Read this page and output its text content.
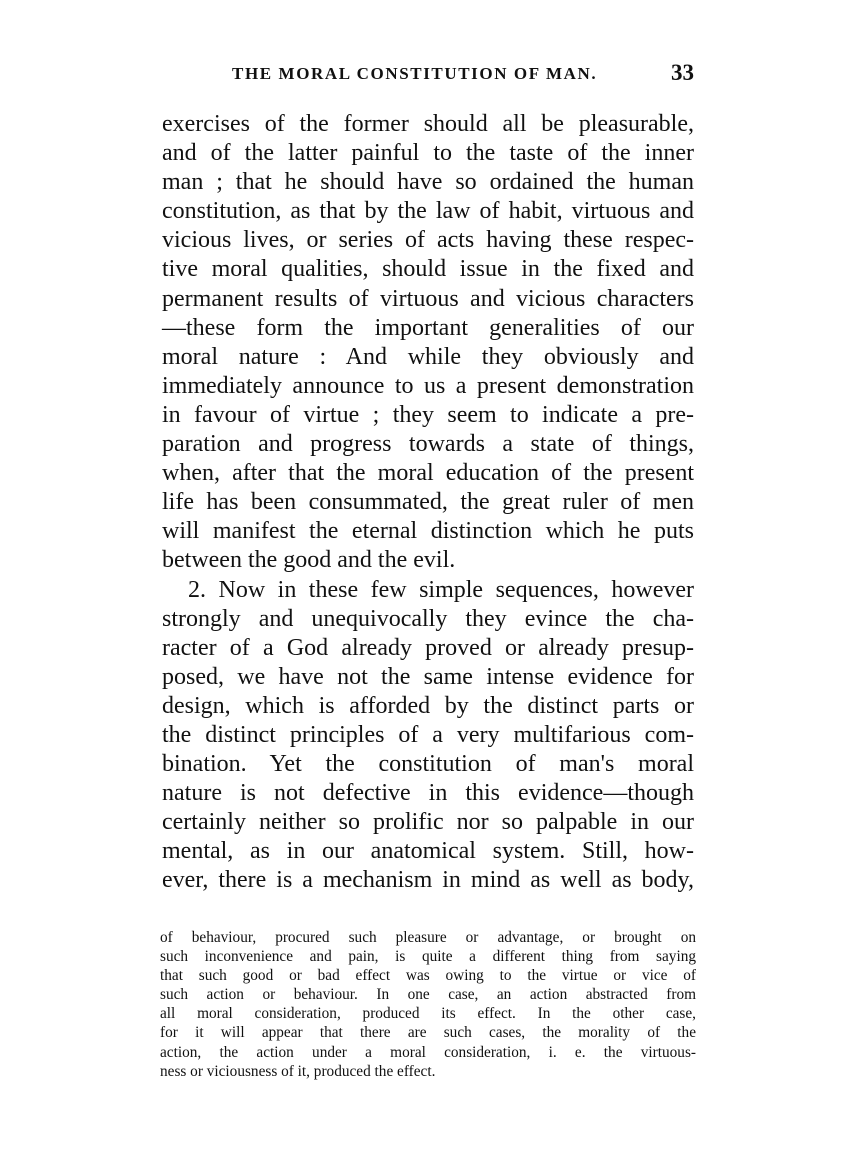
THE MORAL CONSTITUTION OF MAN.	33
exercises of the former should all be pleasurable,
and of the latter painful to the taste of the inner
man ; that he should have so ordained the human
constitution, as that by the law of habit, virtuous and
vicious lives, or series of acts having these respec-
tive moral qualities, should issue in the fixed and
permanent results of virtuous and vicious characters
—these form the important generalities of our
moral nature : And while they obviously and
immediately announce to us a present demonstration
in favour of virtue ; they seem to indicate a pre-
paration and progress towards a state of things,
when, after that the moral education of the present
life has been consummated, the great ruler of men
will manifest the eternal distinction which he puts
between the good and the evil.
2. Now in these few simple sequences, however
strongly and unequivocally they evince the cha-
racter of a God already proved or already presup-
posed, we have not the same intense evidence for
design, which is afforded by the distinct parts or
the distinct principles of a very multifarious com-
bination. Yet the constitution of man's moral
nature is not defective in this evidence—though
certainly neither so prolific nor so palpable in our
mental, as in our anatomical system. Still, how-
ever, there is a mechanism in mind as well as body,
of behaviour, procured such pleasure or advantage, or brought on
such inconvenience and pain, is quite a different thing from saying
that such good or bad effect was owing to the virtue or vice of
such action or behaviour. In one case, an action abstracted from
all moral consideration, produced its effect. In the other case,
for it will appear that there are such cases, the morality of the
action, the action under a moral consideration, i. e. the virtuous-
ness or viciousness of it, produced the effect.
